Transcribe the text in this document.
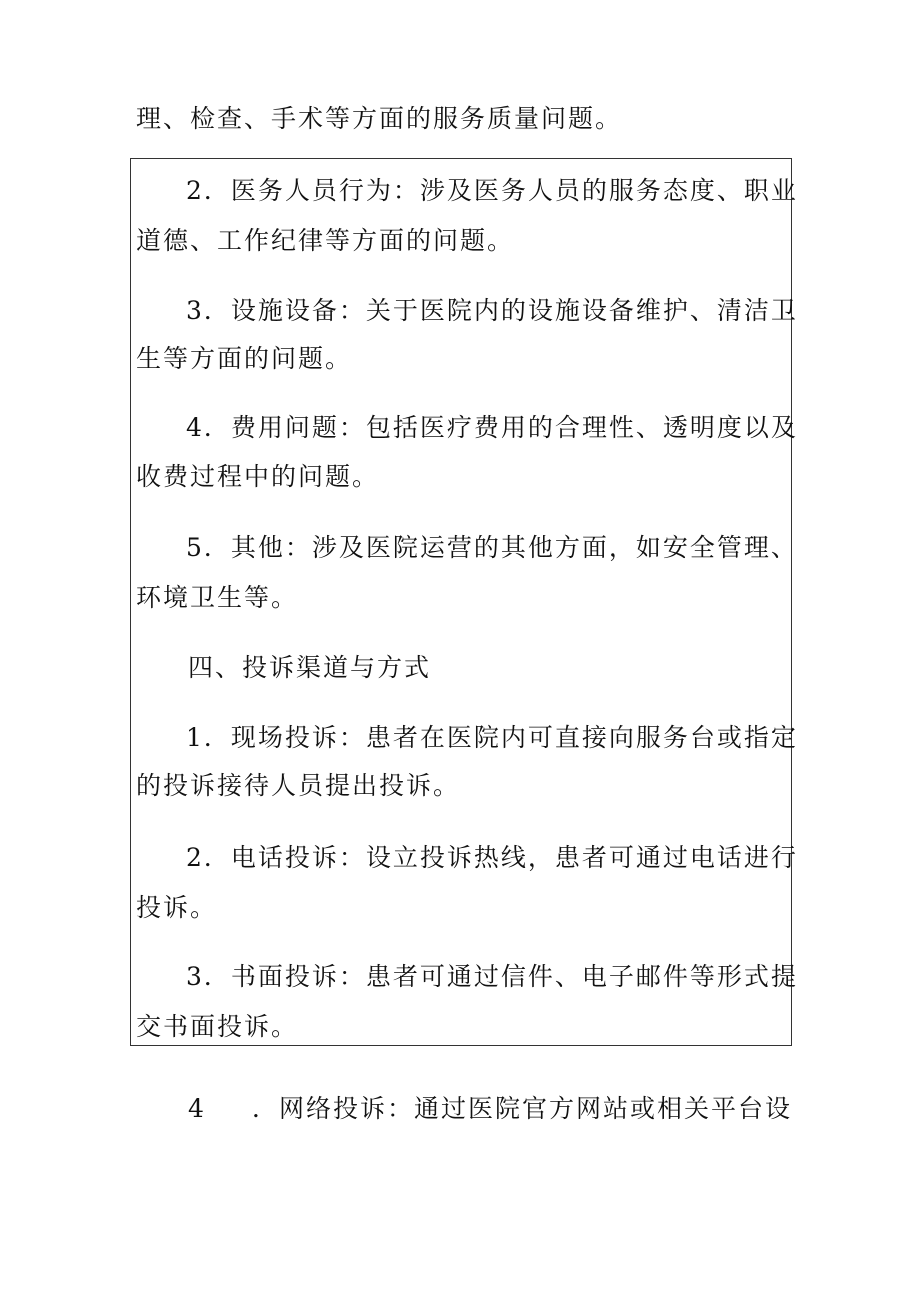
理、检查、手术等方面的服务质量问题。
2．医务人员行为：涉及医务人员的服务态度、职业
道德、工作纪律等方面的问题。
3．设施设备：关于医院内的设施设备维护、清洁卫
生等方面的问题。
4．费用问题：包括医疗费用的合理性、透明度以及
收费过程中的问题。
5．其他：涉及医院运营的其他方面，如安全管理、
环境卫生等。
四、投诉渠道与方式
1．现场投诉：患者在医院内可直接向服务台或指定
的投诉接待人员提出投诉。
2．电话投诉：设立投诉热线，患者可通过电话进行
投诉。
3．书面投诉：患者可通过信件、电子邮件等形式提
交书面投诉。
4 ．网络投诉：通过医院官方网站或相关平台设
